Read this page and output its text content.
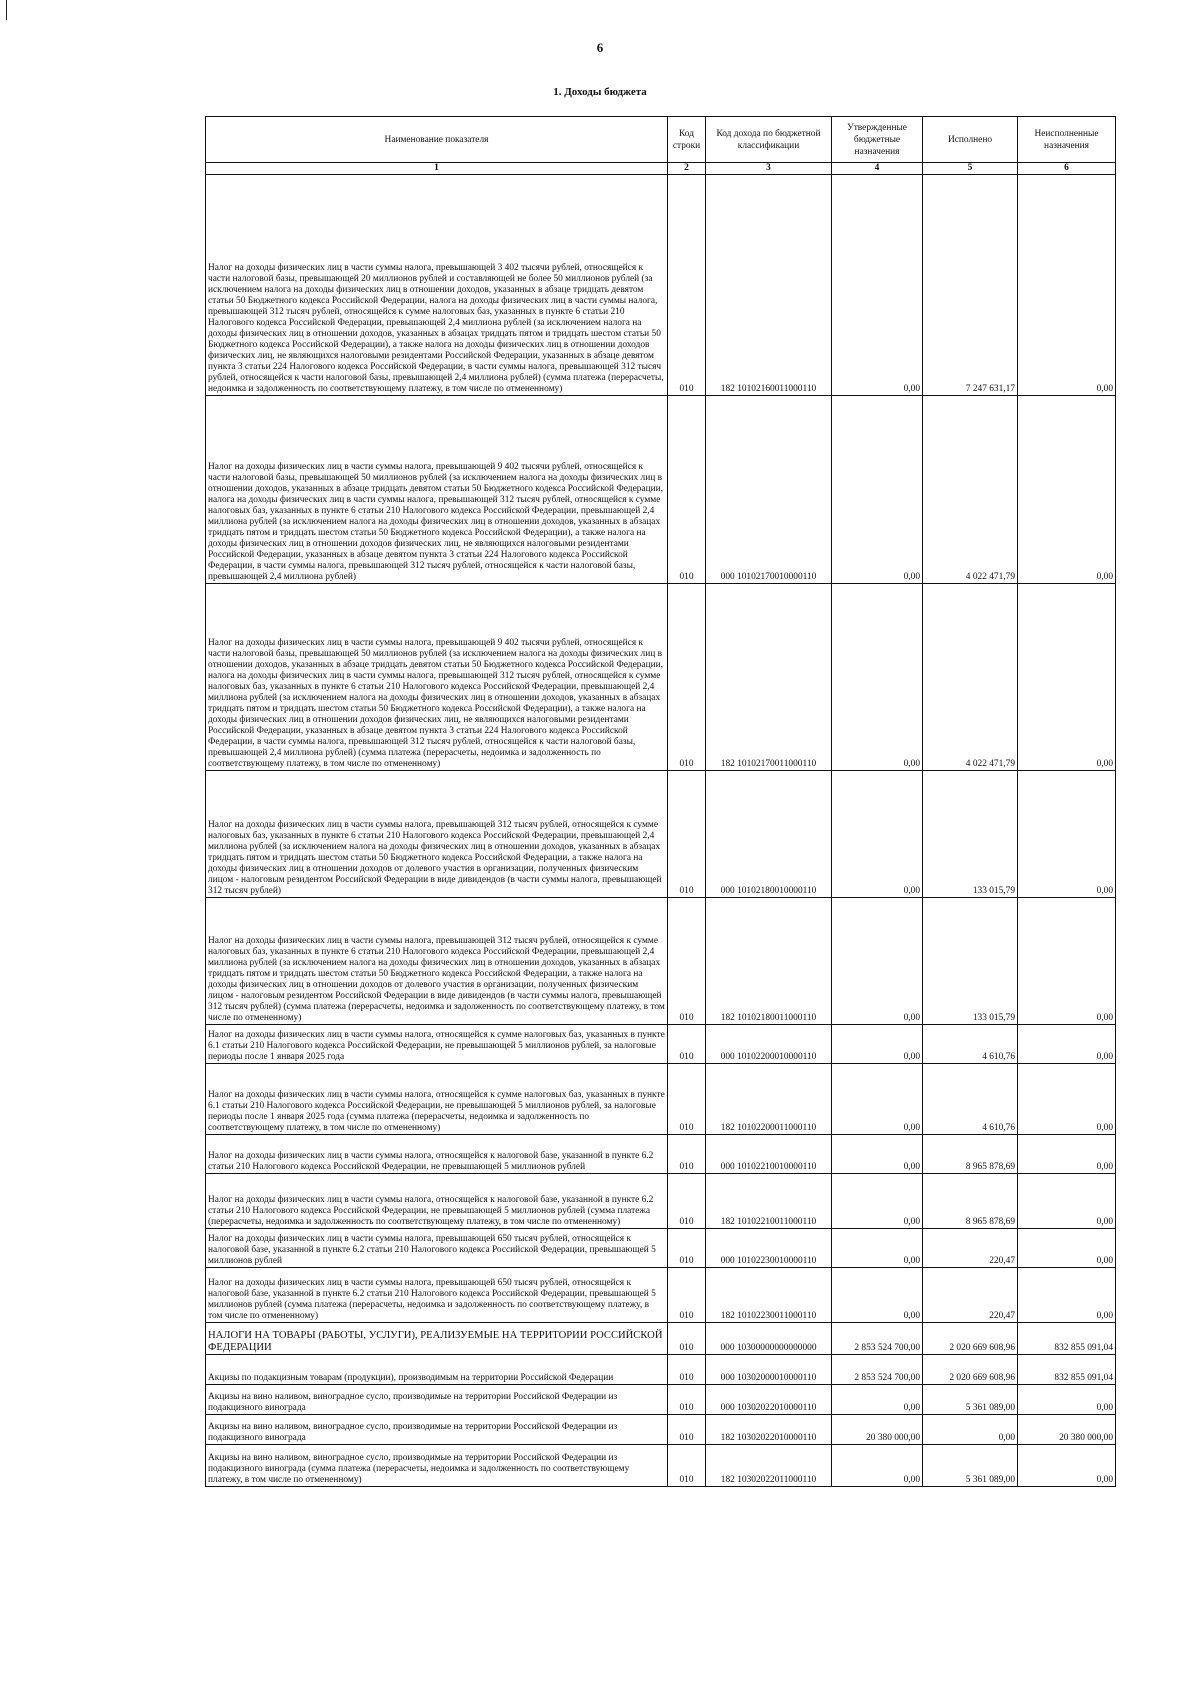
6
1. Доходы бюджета
Наименование показателя	Код строки	Код дохода по бюджетной классификации	Утвержденные бюджетные назначения	Исполнено	Неисполненные назначения
1	2	3	4	5	6
Налог на доходы физических лиц в части суммы налога, превышающей 3 402 тысячи рублей, относящейся к части налоговой базы, превышающей 20 миллионов рублей и составляющей не более 50 миллионов рублей (за исключением налога на доходы физических лиц в отношении доходов, указанных в абзаце тридцать девятом статьи 50 Бюджетного кодекса Российской Федерации, налога на доходы физических лиц в части суммы налога, превышающей 312 тысяч рублей, относящейся к сумме налоговых баз, указанных в пункте 6 статьи 210 Налогового кодекса Российской Федерации, превышающей 2,4 миллиона рублей (за исключением налога на доходы физических лиц в отношении доходов, указанных в абзацах тридцать пятом и тридцать шестом статьи 50 Бюджетного кодекса Российской Федерации), а также налога на доходы физических лиц в отношении доходов физических лиц, не являющихся налоговыми резидентами Российской Федерации, указанных в абзаце девятом пункта 3 статьи 224 Налогового кодекса Российской Федерации, в части суммы налога, превышающей 312 тысяч рублей, относящейся к части налоговой базы, превышающей 2,4 миллиона рублей) (сумма платежа (перерасчеты, недоимка и задолженность по соответствующему платежу, в том числе по отмененному)	010	182 10102160011000110	0,00	7 247 631,17	0,00
Налог на доходы физических лиц в части суммы налога, превышающей 9 402 тысячи рублей, относящейся к части налоговой базы, превышающей 50 миллионов рублей (за исключением налога на доходы физических лиц в отношении доходов, указанных в абзаце тридцать девятом статьи 50 Бюджетного кодекса Российской Федерации, налога на доходы физических лиц в части суммы налога, превышающей 312 тысяч рублей, относящейся к сумме налоговых баз, указанных в пункте 6 статьи 210 Налогового кодекса Российской Федерации, превышающей 2,4 миллиона рублей (за исключением налога на доходы физических лиц в отношении доходов, указанных в абзацах тридцать пятом и тридцать шестом статьи 50 Бюджетного кодекса Российской Федерации), а также налога на доходы физических лиц в отношении доходов физических лиц, не являющихся налоговыми резидентами Российской Федерации, указанных в абзаце девятом пункта 3 статьи 224 Налогового кодекса Российской Федерации, в части суммы налога, превышающей 312 тысяч рублей, относящейся к части налоговой базы, превышающей 2,4 миллиона рублей)	010	000 10102170010000110	0,00	4 022 471,79	0,00
Налог на доходы физических лиц в части суммы налога, превышающей 9 402 тысячи рублей, относящейся к части налоговой базы, превышающей 50 миллионов рублей (за исключением налога на доходы физических лиц в отношении доходов, указанных в абзаце тридцать девятом статьи 50 Бюджетного кодекса Российской Федерации, налога на доходы физических лиц в части суммы налога, превышающей 312 тысяч рублей, относящейся к сумме налоговых баз, указанных в пункте 6 статьи 210 Налогового кодекса Российской Федерации, превышающей 2,4 миллиона рублей (за исключением налога на доходы физических лиц в отношении доходов, указанных в абзацах тридцать пятом и тридцать шестом статьи 50 Бюджетного кодекса Российской Федерации), а также налога на доходы физических лиц в отношении доходов физических лиц, не являющихся налоговыми резидентами Российской Федерации, указанных в абзаце девятом пункта 3 статьи 224 Налогового кодекса Российской Федерации, в части суммы налога, превышающей 312 тысяч рублей, относящейся к части налоговой базы, превышающей 2,4 миллиона рублей) (сумма платежа (перерасчеты, недоимка и задолженность по соответствующему платежу, в том числе по отмененному)	010	182 10102170011000110	0,00	4 022 471,79	0,00
Налог на доходы физических лиц в части суммы налога, превышающей 312 тысяч рублей, относящейся к сумме налоговых баз, указанных в пункте 6 статьи 210 Налогового кодекса Российской Федерации, превышающей 2,4 миллиона рублей (за исключением налога на доходы физических лиц в отношении доходов, указанных в абзацах тридцать пятом и тридцать шестом статьи 50 Бюджетного кодекса Российской Федерации, а также налога на доходы физических лиц в отношении доходов от долевого участия в организации, полученных физическим лицом - налоговым резидентом Российской Федерации в виде дивидендов (в части суммы налога, превышающей 312 тысяч рублей)	010	000 10102180010000110	0,00	133 015,79	0,00
Налог на доходы физических лиц в части суммы налога, превышающей 312 тысяч рублей, относящейся к сумме налоговых баз, указанных в пункте 6 статьи 210 Налогового кодекса Российской Федерации, превышающей 2,4 миллиона рублей (за исключением налога на доходы физических лиц в отношении доходов, указанных в абзацах тридцать пятом и тридцать шестом статьи 50 Бюджетного кодекса Российской Федерации, а также налога на доходы физических лиц в отношении доходов от долевого участия в организации, полученных физическим лицом - налоговым резидентом Российской Федерации в виде дивидендов (в части суммы налога, превышающей 312 тысяч рублей) (сумма платежа (перерасчеты, недоимка и задолженность по соответствующему платежу, в том числе по отмененному)	010	182 10102180011000110	0,00	133 015,79	0,00
Налог на доходы физических лиц в части суммы налога, относящейся к сумме налоговых баз, указанных в пункте 6.1 статьи 210 Налогового кодекса Российской Федерации, не превышающей 5 миллионов рублей, за налоговые периоды после 1 января 2025 года	010	000 10102200010000110	0,00	4 610,76	0,00
Налог на доходы физических лиц в части суммы налога, относящейся к сумме налоговых баз, указанных в пункте 6.1 статьи 210 Налогового кодекса Российской Федерации, не превышающей 5 миллионов рублей, за налоговые периоды после 1 января 2025 года (сумма платежа (перерасчеты, недоимка и задолженность по соответствующему платежу, в том числе по отмененному)	010	182 10102200011000110	0,00	4 610,76	0,00
Налог на доходы физических лиц в части суммы налога, относящейся к налоговой базе, указанной в пункте 6.2 статьи 210 Налогового кодекса Российской Федерации, не превышающей 5 миллионов рублей	010	000 10102210010000110	0,00	8 965 878,69	0,00
Налог на доходы физических лиц в части суммы налога, относящейся к налоговой базе, указанной в пункте 6.2 статьи 210 Налогового кодекса Российской Федерации, не превышающей 5 миллионов рублей (сумма платежа (перерасчеты, недоимка и задолженность по соответствующему платежу, в том числе по отмененному)	010	182 10102210011000110	0,00	8 965 878,69	0,00
Налог на доходы физических лиц в части суммы налога, превышающей 650 тысяч рублей, относящейся к налоговой базе, указанной в пункте 6.2 статьи 210 Налогового кодекса Российской Федерации, превышающей 5 миллионов рублей	010	000 10102230010000110	0,00	220,47	0,00
Налог на доходы физических лиц в части суммы налога, превышающей 650 тысяч рублей, относящейся к налоговой базе, указанной в пункте 6.2 статьи 210 Налогового кодекса Российской Федерации, превышающей 5 миллионов рублей (сумма платежа (перерасчеты, недоимка и задолженность по соответствующему платежу, в том числе по отмененному)	010	182 10102230011000110	0,00	220,47	0,00
НАЛОГИ НА ТОВАРЫ (РАБОТЫ, УСЛУГИ), РЕАЛИЗУЕМЫЕ НА ТЕРРИТОРИИ РОССИЙСКОЙ ФЕДЕРАЦИИ	010	000 10300000000000000	2 853 524 700,00	2 020 669 608,96	832 855 091,04
Акцизы по подакцизным товарам (продукции), производимым на территории Российской Федерации	010	000 10302000010000110	2 853 524 700,00	2 020 669 608,96	832 855 091,04
Акцизы на вино наливом, виноградное сусло, производимые на территории Российской Федерации из подакцизного винограда	010	000 10302022010000110	0,00	5 361 089,00	0,00
Акцизы на вино наливом, виноградное сусло, производимые на территории Российской Федерации из подакцизного винограда	010	182 10302022010000110	20 380 000,00	0,00	20 380 000,00
Акцизы на вино наливом, виноградное сусло, производимые на территории Российской Федерации из подакцизного винограда (сумма платежа (перерасчеты, недоимка и задолженность по соответствующему платежу, в том числе по отмененному)	010	182 10302022011000110	0,00	5 361 089,00	0,00
